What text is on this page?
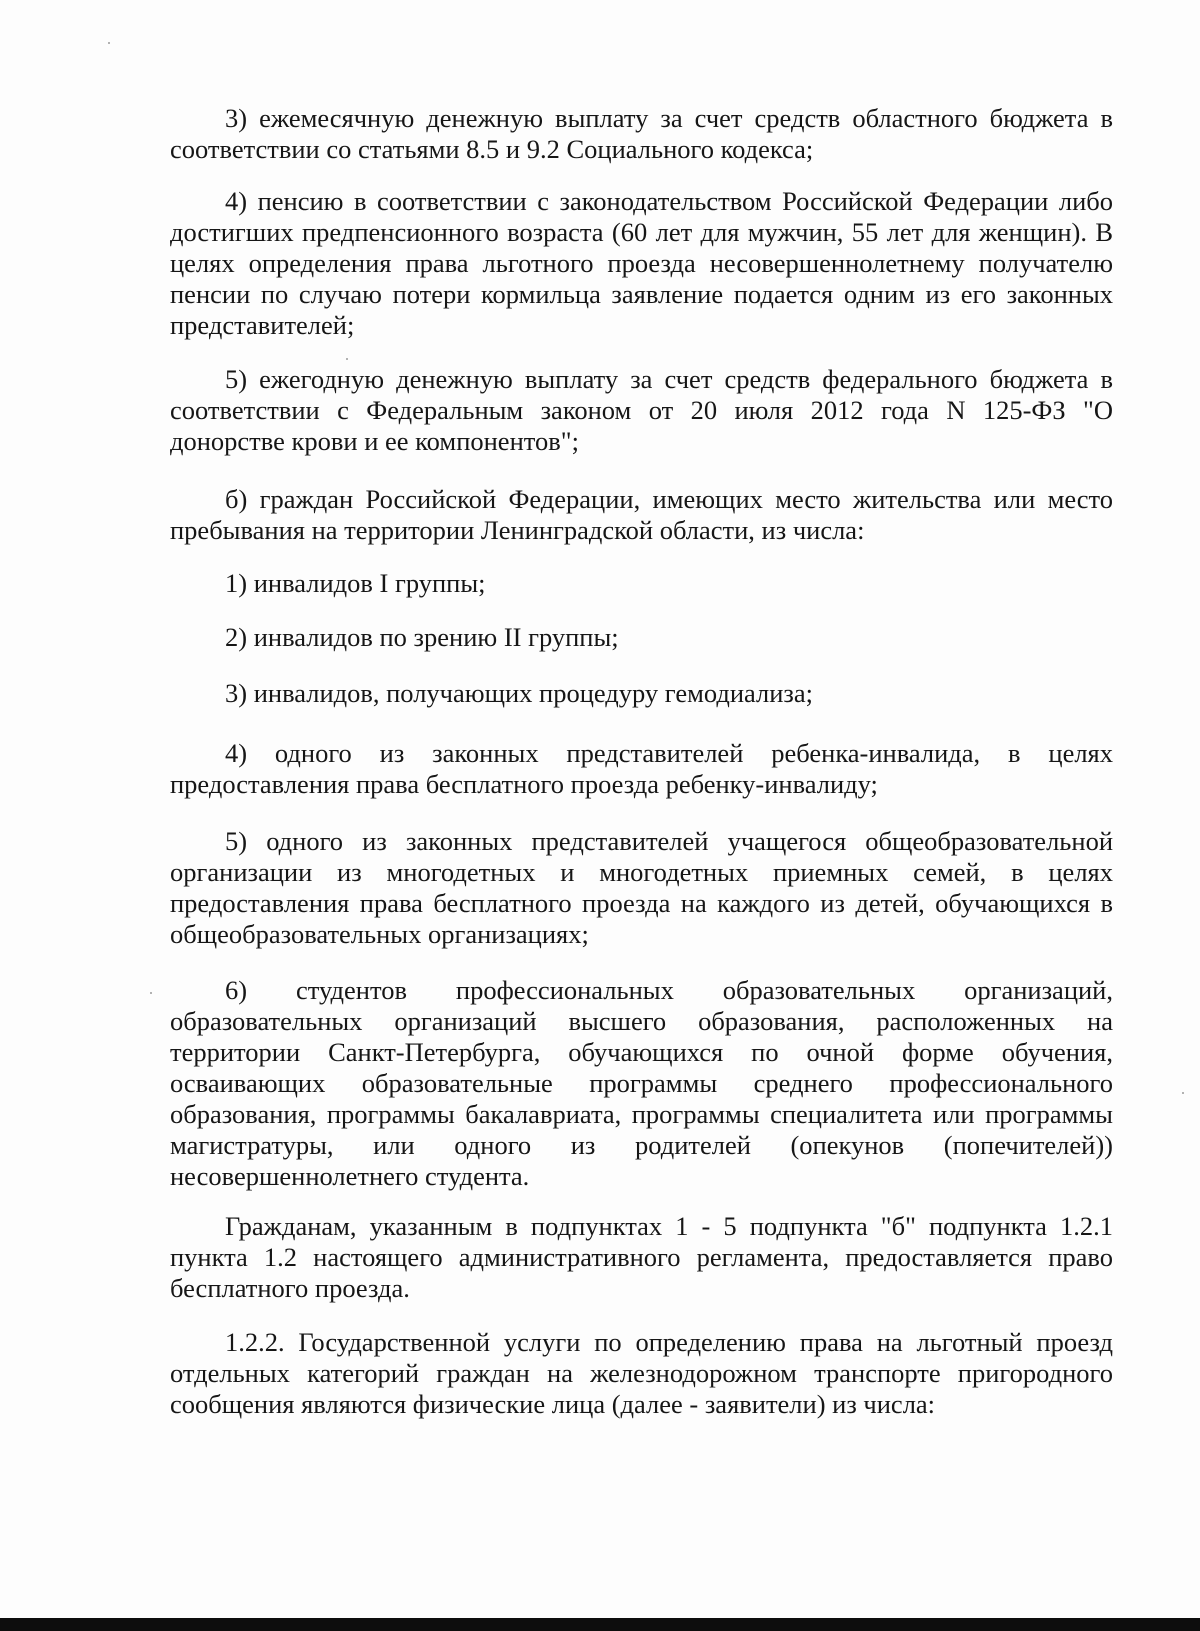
3) ежемесячную денежную выплату за счет средств областного бюджета в соответствии со статьями 8.5 и 9.2 Социального кодекса;

4) пенсию в соответствии с законодательством Российской Федерации либо достигших предпенсионного возраста (60 лет для мужчин, 55 лет для женщин). В целях определения права льготного проезда несовершеннолетнему получателю пенсии по случаю потери кормильца заявление подается одним из его законных представителей;

5) ежегодную денежную выплату за счет средств федерального бюджета в соответствии с Федеральным законом от 20 июля 2012 года N 125-ФЗ "О донорстве крови и ее компонентов";

б) граждан Российской Федерации, имеющих место жительства или место пребывания на территории Ленинградской области, из числа:

1) инвалидов I группы;

2) инвалидов по зрению II группы;

3) инвалидов, получающих процедуру гемодиализа;

4) одного из законных представителей ребенка-инвалида, в целях предоставления права бесплатного проезда ребенку-инвалиду;

5) одного из законных представителей учащегося общеобразовательной организации из многодетных и многодетных приемных семей, в целях предоставления права бесплатного проезда на каждого из детей, обучающихся в общеобразовательных организациях;

6) студентов профессиональных образовательных организаций, образовательных организаций высшего образования, расположенных на территории Санкт-Петербурга, обучающихся по очной форме обучения, осваивающих образовательные программы среднего профессионального образования, программы бакалавриата, программы специалитета или программы магистратуры, или одного из родителей (опекунов (попечителей)) несовершеннолетнего студента.

Гражданам, указанным в подпунктах 1 - 5 подпункта "б" подпункта 1.2.1 пункта 1.2 настоящего административного регламента, предоставляется право бесплатного проезда.

1.2.2. Государственной услуги по определению права на льготный проезд отдельных категорий граждан на железнодорожном транспорте пригородного сообщения являются физические лица (далее - заявители) из числа:
